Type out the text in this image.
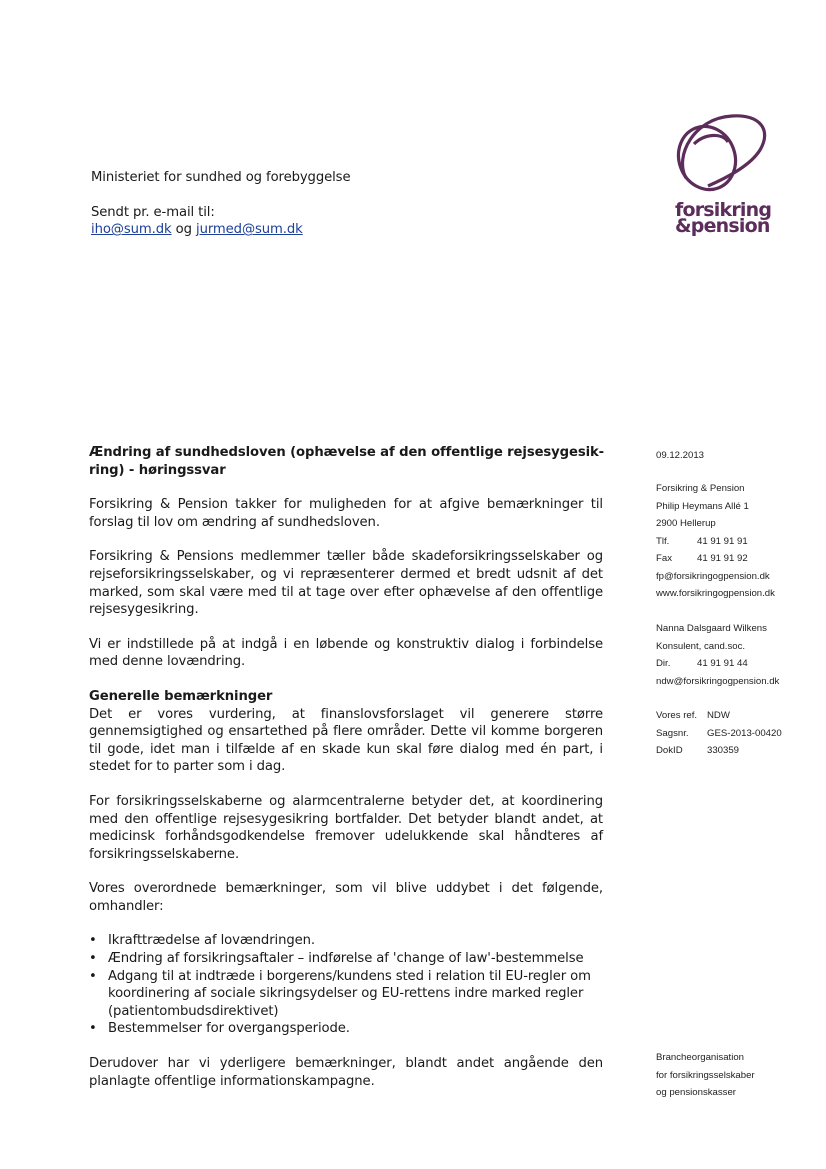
forsikring
&pension
Ministeriet for sundhed og forebyggelse
Sendt pr. e-mail til:
iho@sum.dk og jurmed@sum.dk
Ændring af sundhedsloven (ophævelse af den offentlige rejsesygesik-
ring) - høringssvar

Forsikring & Pension takker for muligheden for at afgive bemærkninger til forslag til lov om ændring af sundhedsloven.

Forsikring & Pensions medlemmer tæller både skadeforsikringsselskaber og rejseforsikringsselskaber, og vi repræsenterer dermed et bredt udsnit af det marked, som skal være med til at tage over efter ophævelse af den offentlige rejsesygesikring.

Vi er indstillede på at indgå i en løbende og konstruktiv dialog i forbindelse med denne lovændring.

Generelle bemærkninger

Det er vores vurdering, at finanslovsforslaget vil generere større gennemsigtighed og ensartethed på flere områder. Dette vil komme borgeren til gode, idet man i tilfælde af en skade kun skal føre dialog med én part, i stedet for to parter som i dag.

For forsikringsselskaberne og alarmcentralerne betyder det, at koordinering med den offentlige rejsesygesikring bortfalder. Det betyder blandt andet, at medicinsk forhåndsgodkendelse fremover udelukkende skal håndteres af forsikringsselskaberne.

Vores overordnede bemærkninger, som vil blive uddybet i det følgende, omhandler:

• Ikrafttrædelse af lovændringen.
• Ændring af forsikringsaftaler – indførelse af 'change of law'-bestemmelse
• Adgang til at indtræde i borgerens/kundens sted i relation til EU-regler om koordinering af sociale sikringsydelser og EU-rettens indre marked regler (patientombudsdirektivet)
• Bestemmelser for overgangsperiode.

Derudover har vi yderligere bemærkninger, blandt andet angående den planlagte offentlige informationskampagne.

09.12.2013
Forsikring & Pension
Philip Heymans Allé 1
2900 Hellerup
Tlf.	41 91 91 91
Fax	41 91 91 92
fp@forsikringogpension.dk
www.forsikringogpension.dk
Nanna Dalsgaard Wilkens
Konsulent, cand.soc.
Dir.	41 91 91 44
ndw@forsikringogpension.dk
Vores ref.	NDW
Sagsnr.	GES-2013-00420
DokID	330359
Brancheorganisation
for forsikringsselskaber
og pensionskasser
